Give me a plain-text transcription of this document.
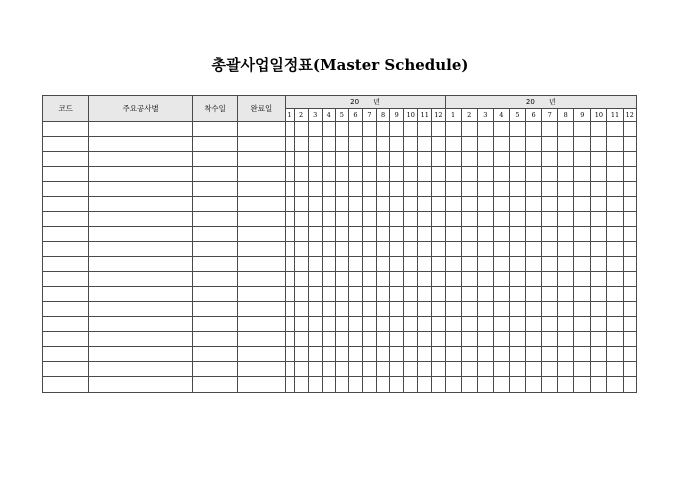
총괄사업일정표(Master Schedule)
코드	주요공사별	착수일	완료일	20 년												20 년											
				1	2	3	4	5	6	7	8	9	10	11	12	1	2	3	4	5	6	7	8	9	10	11	12
